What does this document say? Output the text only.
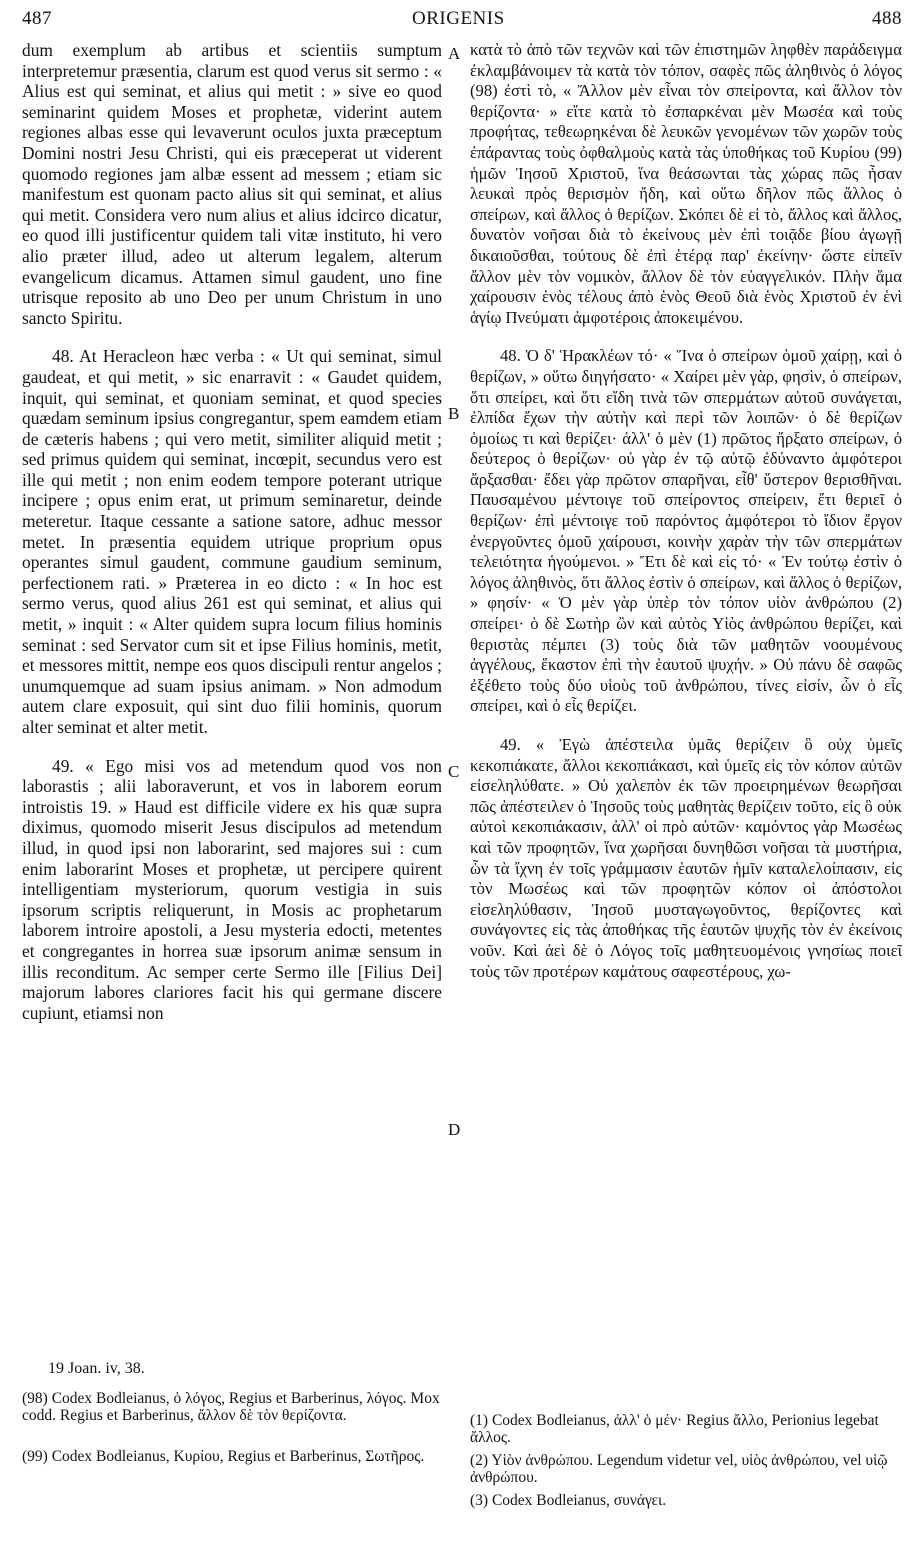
487	ORIGENIS	488
A
B
C
D

dum exemplum ab artibus et scientiis sumptum interpretemur præsentia, clarum est quod verus sit sermo : « Alius est qui seminat, et alius qui metit : » sive eo quod seminarint quidem Moses et prophetæ, viderint autem regiones albas esse qui levaverunt oculos juxta præceptum Domini nostri Jesu Christi, qui eis præceperat ut viderent quomodo regiones jam albæ essent ad messem ; etiam sic manifestum est quonam pacto alius sit qui seminat, et alius qui metit. Considera vero num alius et alius idcirco dicatur, eo quod illi justificentur quidem tali vitæ instituto, hi vero alio præter illud, adeo ut alterum legalem, alterum evangelicum dicamus. Attamen simul gaudent, uno fine utrisque reposito ab uno Deo per unum Christum in uno sancto Spiritu.

48. At Heracleon hæc verba : « Ut qui seminat, simul gaudeat, et qui metit, » sic enarravit : « Gaudet quidem, inquit, qui seminat, et quoniam seminat, et quod species quædam seminum ipsius congregantur, spem eamdem etiam de cæteris habens ; qui vero metit, similiter aliquid metit ; sed primus quidem qui seminat, incœpit, secundus vero est ille qui metit ; non enim eodem tempore poterant utrique incipere ; opus enim erat, ut primum seminaretur, deinde meteretur. Itaque cessante a satione satore, adhuc messor metet. In præsentia equidem utrique proprium opus operantes simul gaudent, commune gaudium seminum, perfectionem rati. » Præterea in eo dicto : « In hoc est sermo verus, quod alius 261 est qui seminat, et alius qui metit, » inquit : « Alter quidem supra locum filius hominis seminat : sed Servator cum sit et ipse Filius hominis, metit, et messores mittit, nempe eos quos discipuli rentur angelos ; unumquemque ad suam ipsius animam. » Non admodum autem clare exposuit, qui sint duo filii hominis, quorum alter seminat et alter metit.

49. « Ego misi vos ad metendum quod vos non laborastis ; alii laboraverunt, et vos in laborem eorum introistis 19. » Haud est difficile videre ex his quæ supra diximus, quomodo miserit Jesus discipulos ad metendum illud, in quod ipsi non laborarint, sed majores sui : cum enim laborarint Moses et prophetæ, ut percipere quirent intelligentiam mysteriorum, quorum vestigia in suis ipsorum scriptis reliquerunt, in Mosis ac prophetarum laborem introire apostoli, a Jesu mysteria edocti, metentes et congregantes in horrea suæ ipsorum animæ sensum in illis reconditum. Ac semper certe Sermo ille [Filius Dei] majorum labores clariores facit his qui germane discere cupiunt, etiamsi non

κατὰ τὸ ἀπὸ τῶν τεχνῶν καὶ τῶν ἐπιστημῶν ληφθὲν παράδειγμα ἐκλαμβάνοιμεν τὰ κατὰ τὸν τόπον, σαφὲς πῶς ἀληθινὸς ὁ λόγος (98) ἐστὶ τὸ, « Ἄλλον μὲν εἶναι τὸν σπείροντα, καὶ ἄλλον τὸν θερίζοντα· » εἴτε κατὰ τὸ ἐσπαρκέναι μὲν Μωσέα καὶ τοὺς προφήτας, τεθεωρηκέναι δὲ λευκῶν γενομένων τῶν χωρῶν τοὺς ἐπάραντας τοὺς ὀφθαλμοὺς κατὰ τὰς ὑποθήκας τοῦ Κυρίου (99) ἡμῶν Ἰησοῦ Χριστοῦ, ἵνα θεάσωνται τὰς χώρας πῶς ἦσαν λευκαὶ πρὸς θερισμὸν ἤδη, καὶ οὕτω δῆλον πῶς ἄλλος ὁ σπείρων, καὶ ἄλλος ὁ θερίζων. Σκόπει δὲ εἰ τὸ, ἄλλος καὶ ἄλλος, δυνατὸν νοῆσαι διὰ τὸ ἐκείνους μὲν ἐπὶ τοιᾷδε βίου ἀγωγῇ δικαιοῦσθαι, τούτους δὲ ἐπὶ ἑτέρᾳ παρ' ἐκείνην· ὥστε εἰπεῖν ἄλλον μὲν τὸν νομικὸν, ἄλλον δὲ τὸν εὐαγγελικόν. Πλὴν ἅμα χαίρουσιν ἑνὸς τέλους ἀπὸ ἑνὸς Θεοῦ διὰ ἑνὸς Χριστοῦ ἐν ἑνὶ ἁγίῳ Πνεύματι ἀμφοτέροις ἀποκειμένου.

48. Ὁ δ' Ἡρακλέων τό· « Ἵνα ὁ σπείρων ὁμοῦ χαίρῃ, καὶ ὁ θερίζων, » οὕτω διηγήσατο· « Χαίρει μὲν γὰρ, φησὶν, ὁ σπείρων, ὅτι σπείρει, καὶ ὅτι εἴδη τινὰ τῶν σπερμάτων αὐτοῦ συνάγεται, ἐλπίδα ἔχων τὴν αὐτὴν καὶ περὶ τῶν λοιπῶν· ὁ δὲ θερίζων ὁμοίως τι καὶ θερίζει· ἀλλ' ὁ μὲν (1) πρῶτος ἤρξατο σπείρων, ὁ δεύτερος ὁ θερίζων· οὐ γὰρ ἐν τῷ αὐτῷ ἐδύναντο ἀμφότεροι ἄρξασθαι· ἔδει γὰρ πρῶτον σπαρῆναι, εἶθ' ὕστερον θερισθῆναι. Παυσαμένου μέντοιγε τοῦ σπείροντος σπείρειν, ἔτι θεριεῖ ὁ θερίζων· ἐπὶ μέντοιγε τοῦ παρόντος ἀμφότεροι τὸ ἴδιον ἔργον ἐνεργοῦντες ὁμοῦ χαίρουσι, κοινὴν χαρὰν τὴν τῶν σπερμάτων τελειότητα ἡγούμενοι. » Ἔτι δὲ καὶ εἰς τό· « Ἐν τούτῳ ἐστὶν ὁ λόγος ἀληθινὸς, ὅτι ἄλλος ἐστὶν ὁ σπείρων, καὶ ἄλλος ὁ θερίζων, » φησίν· « Ὁ μὲν γὰρ ὑπὲρ τὸν τόπον υἱὸν ἀνθρώπου (2) σπείρει· ὁ δὲ Σωτὴρ ὢν καὶ αὐτὸς Υἱὸς ἀνθρώπου θερίζει, καὶ θεριστὰς πέμπει (3) τοὺς διὰ τῶν μαθητῶν νοουμένους ἀγγέλους, ἕκαστον ἐπὶ τὴν ἑαυτοῦ ψυχήν. » Οὐ πάνυ δὲ σαφῶς ἐξέθετο τοὺς δύο υἱοὺς τοῦ ἀνθρώπου, τίνες εἰσίν, ὧν ὁ εἷς σπείρει, καὶ ὁ εἷς θερίζει.

49. « Ἐγὼ ἀπέστειλα ὑμᾶς θερίζειν ὃ οὐχ ὑμεῖς κεκοπιάκατε, ἄλλοι κεκοπιάκασι, καὶ ὑμεῖς εἰς τὸν κόπον αὐτῶν εἰσεληλύθατε. » Οὐ χαλεπὸν ἐκ τῶν προειρημένων θεωρῆσαι πῶς ἀπέστειλεν ὁ Ἰησοῦς τοὺς μαθητὰς θερίζειν τοῦτο, εἰς ὃ οὐκ αὐτοὶ κεκοπιάκασιν, ἀλλ' οἱ πρὸ αὐτῶν· καμόντος γὰρ Μωσέως καὶ τῶν προφητῶν, ἵνα χωρῆσαι δυνηθῶσι νοῆσαι τὰ μυστήρια, ὧν τὰ ἴχνη ἐν τοῖς γράμμασιν ἑαυτῶν ἡμῖν καταλελοίπασιν, εἰς τὸν Μωσέως καὶ τῶν προφητῶν κόπον οἱ ἀπόστολοι εἰσεληλύθασιν, Ἰησοῦ μυσταγωγοῦντος, θερίζοντες καὶ συνάγοντες εἰς τὰς ἀποθήκας τῆς ἑαυτῶν ψυχῆς τὸν ἐν ἐκείνοις νοῦν. Καὶ ἀεὶ δὲ ὁ Λόγος τοῖς μαθητευομένοις γνησίως ποιεῖ τοὺς τῶν προτέρων καμάτους σαφεστέρους, χω-

19 Joan. iv, 38.

(98) Codex Bodleianus, ὁ λόγος, Regius et Barberinus, λόγος. Mox codd. Regius et Barberinus, ἄλλον δὲ τὸν θερίζοντα.

(99) Codex Bodleianus, Κυρίου, Regius et Barberinus, Σωτῆρος.

(1) Codex Bodleianus, ἀλλ' ὁ μέν· Regius ἄλλο, Perionius legebat ἄλλος.

(2) Υἱὸν ἀνθρώπου. Legendum videtur vel, υἱὸς ἀνθρώπου, vel υἱῷ ἀνθρώπου.

(3) Codex Bodleianus, συνάγει.
